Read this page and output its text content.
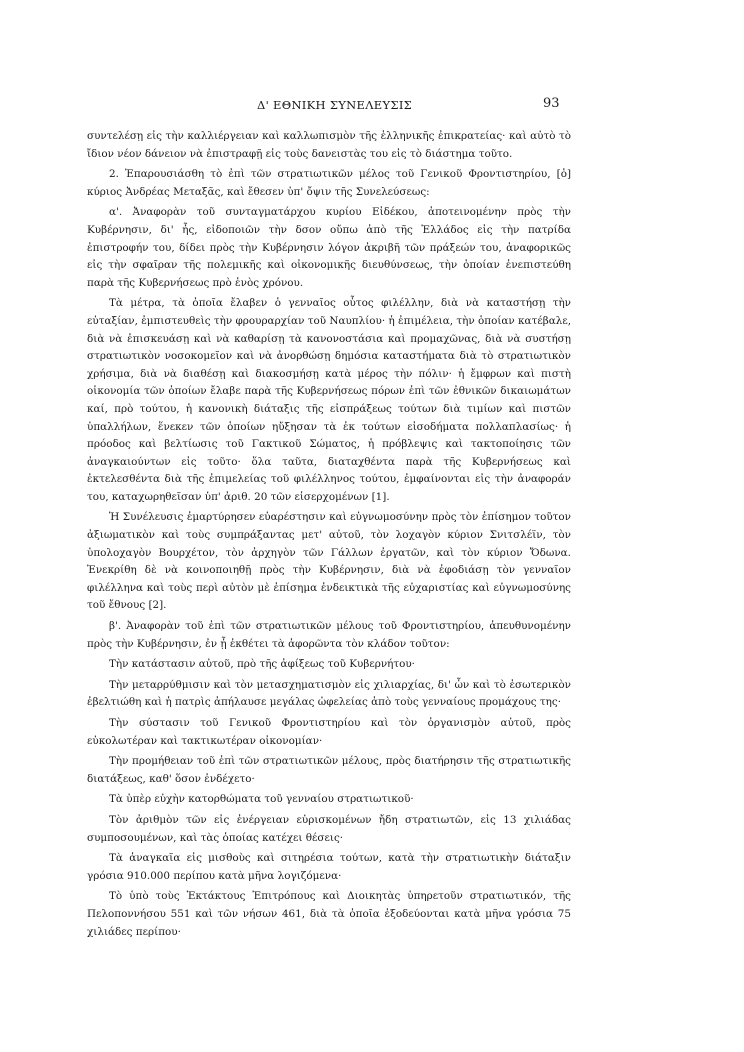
Δ' ΕΘΝΙΚΗ ΣΥΝΕΛΕΥΣΙΣ	93

συντελέσῃ εἰς τὴν καλλιέργειαν καὶ καλλωπισμὸν τῆς ἑλληνικῆς ἐπικρατείας· καὶ αὐτὸ τὸ ἴδιον νέον δάνειον νὰ ἐπιστραφῇ εἰς τοὺς δανειστὰς του εἰς τὸ διάστημα τοῦτο.

2. Ἐπαρουσιάσθη τὸ ἐπὶ τῶν στρατιωτικῶν μέλος τοῦ Γενικοῦ Φροντιστηρίου, [ὁ] κύριος Ἀνδρέας Μεταξᾶς, καὶ ἔθεσεν ὑπ' ὄψιν τῆς Συνελεύσεως:

α'. Ἀναφορὰν τοῦ συνταγματάρχου κυρίου Εἰδέκου, ἀποτεινομένην πρὸς τὴν Κυβέρνησιν, δι' ἧς, εἰδοποιῶν τὴν δσον οὔπω ἀπὸ τῆς Ἑλλάδος εἰς τὴν πατρίδα ἐπιστροφήν του, δίδει πρὸς τὴν Κυβέρνησιν λόγον ἀκριβῆ τῶν πράξεών του, ἀναφορικῶς εἰς τὴν σφαῖραν τῆς πολεμικῆς καὶ οἰκονομικῆς διευθύνσεως, τὴν ὁποίαν ἐνεπιστεύθη παρὰ τῆς Κυβερνήσεως πρὸ ἑνὸς χρόνου.

Τὰ μέτρα, τὰ ὁποῖα ἔλαβεν ὁ γενναῖος οὗτος φιλέλλην, διὰ νὰ καταστήσῃ τὴν εὐταξίαν, ἐμπιστευθεὶς τὴν φρουραρχίαν τοῦ Ναυπλίου· ἡ ἐπιμέλεια, τὴν ὁποίαν κατέβαλε, διὰ νὰ ἐπισκευάσῃ καὶ νὰ καθαρίσῃ τὰ κανονοστάσια καὶ προμαχῶνας, διὰ νὰ συστήσῃ στρατιωτικὸν νοσοκομεῖον καὶ νὰ ἀνορθώσῃ δημόσια καταστήματα διὰ τὸ στρατιωτικὸν χρήσιμα, διὰ νὰ διαθέσῃ καὶ διακοσμήσῃ κατὰ μέρος τὴν πόλιν· ἡ ἔμφρων καὶ πιστὴ οἰκονομία τῶν ὁποίων ἔλαβε παρὰ τῆς Κυβερνήσεως πόρων ἐπὶ τῶν ἐθνικῶν δικαιωμάτων καί, πρὸ τούτου, ἡ κανονικὴ διάταξις τῆς εἰσπράξεως τούτων διὰ τιμίων καὶ πιστῶν ὑπαλλήλων, ἕνεκεν τῶν ὁποίων ηὔξησαν τὰ ἐκ τούτων εἰσοδήματα πολλαπλασίως· ἡ πρόοδος καὶ βελτίωσις τοῦ Γακτικοῦ Σώματος, ἡ πρόβλεψις καὶ τακτοποίησις τῶν ἀναγκαιούντων εἰς τοῦτο· ὅλα ταῦτα, διαταχθέντα παρὰ τῆς Κυβερνήσεως καὶ ἐκτελεσθέντα διὰ τῆς ἐπιμελείας τοῦ φιλέλληνος τούτου, ἐμφαίνονται εἰς τὴν ἀναφοράν του, καταχωρηθεῖσαν ὑπ' ἀριθ. 20 τῶν εἰσερχομένων [1].

Ἡ Συνέλευσις ἐμαρτύρησεν εὐαρέστησιν καὶ εὐγνωμοσύνην πρὸς τὸν ἐπίσημον τοῦτον ἀξιωματικὸν καὶ τοὺς συμπράξαντας μετ' αὐτοῦ, τὸν λοχαγὸν κύριον Σνιτσλέϊν, τὸν ὑπολοχαγὸν Βουρχέτον, τὸν ἀρχηγὸν τῶν Γάλλων ἐργατῶν, καὶ τὸν κύριον Ὄδωνα. Ἐνεκρίθη δὲ νὰ κοινοποιηθῇ πρὸς τὴν Κυβέρνησιν, διὰ νὰ ἐφοδιάσῃ τὸν γενναῖον φιλέλληνα καὶ τοὺς περὶ αὐτὸν μὲ ἐπίσημα ἐνδεικτικὰ τῆς εὐχαριστίας καὶ εὐγνωμοσύνης τοῦ ἔθνους [2].

β'. Ἀναφορὰν τοῦ ἐπὶ τῶν στρατιωτικῶν μέλους τοῦ Φροντιστηρίου, ἀπευθυνομένην πρὸς τὴν Κυβέρνησιν, ἐν ᾗ ἐκθέτει τὰ ἀφορῶντα τὸν κλάδον τοῦτον:

Τὴν κατάστασιν αὐτοῦ, πρὸ τῆς ἀφίξεως τοῦ Κυβερνήτου·

Τὴν μεταρρύθμισιν καὶ τὸν μετασχηματισμὸν εἰς χιλιαρχίας, δι' ὧν καὶ τὸ ἐσωτερικὸν ἐβελτιώθη καὶ ἡ πατρὶς ἀπήλαυσε μεγάλας ὠφελείας ἀπὸ τοὺς γενναίους προμάχους της·

Τὴν σύστασιν τοῦ Γενικοῦ Φροντιστηρίου καὶ τὸν ὀργανισμὸν αὐτοῦ, πρὸς εὐκολωτέραν καὶ τακτικωτέραν οἰκονομίαν·

Τὴν προμήθειαν τοῦ ἐπὶ τῶν στρατιωτικῶν μέλους, πρὸς διατήρησιν τῆς στρατιωτικῆς διατάξεως, καθ' ὅσον ἐνδέχετο·

Τὰ ὑπὲρ εὐχὴν κατορθώματα τοῦ γενναίου στρατιωτικοῦ·

Τὸν ἀριθμὸν τῶν εἰς ἐνέργειαν εὑρισκομένων ἤδη στρατιωτῶν, εἰς 13 χιλιάδας συμποσουμένων, καὶ τὰς ὁποίας κατέχει θέσεις·

Τὰ ἀναγκαῖα εἰς μισθοὺς καὶ σιτηρέσια τούτων, κατὰ τὴν στρατιωτικὴν διάταξιν γρόσια 910.000 περίπου κατὰ μῆνα λογιζόμενα·

Τὸ ὑπὸ τοὺς Ἐκτάκτους Ἐπιτρόπους καὶ Διοικητὰς ὑπηρετοῦν στρατιωτικόν, τῆς Πελοποννήσου 551 καὶ τῶν νήσων 461, διὰ τὰ ὁποῖα ἐξοδεύονται κατὰ μῆνα γρόσια 75 χιλιάδες περίπου·
